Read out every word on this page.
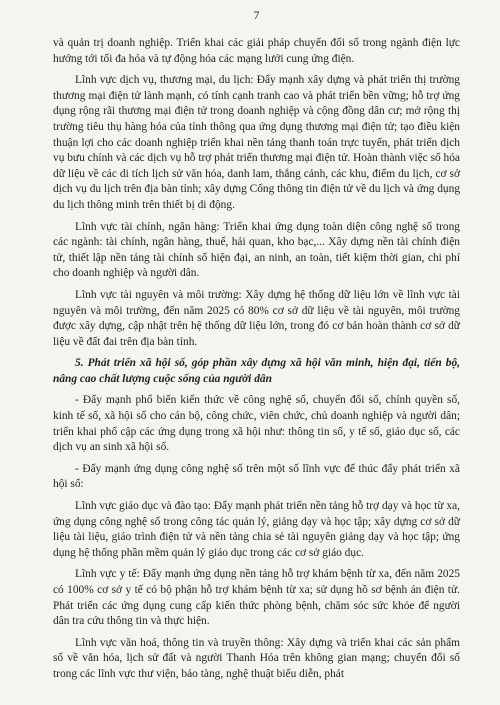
7

và quản trị doanh nghiệp. Triển khai các giải pháp chuyển đổi số trong ngành điện lực hướng tới tối đa hóa và tự động hóa các mạng lưới cung ứng điện.

Lĩnh vực dịch vụ, thương mại, du lịch: Đẩy mạnh xây dựng và phát triển thị trường thương mại điện tử lành mạnh, có tính cạnh tranh cao và phát triển bền vững; hỗ trợ ứng dụng rộng rãi thương mại điện tử trong doanh nghiệp và cộng đồng dân cư; mở rộng thị trường tiêu thụ hàng hóa của tỉnh thông qua ứng dụng thương mại điện tử; tạo điều kiện thuận lợi cho các doanh nghiệp triển khai nền tảng thanh toán trực tuyến, phát triển dịch vụ bưu chính và các dịch vụ hỗ trợ phát triển thương mại điện tử. Hoàn thành việc số hóa dữ liệu về các di tích lịch sử văn hóa, danh lam, thắng cảnh, các khu, điểm du lịch, cơ sở dịch vụ du lịch trên địa bàn tỉnh; xây dựng Cổng thông tin điện tử về du lịch và ứng dụng du lịch thông minh trên thiết bị di động.

Lĩnh vực tài chính, ngân hàng: Triển khai ứng dụng toàn diện công nghệ số trong các ngành: tài chính, ngân hàng, thuế, hải quan, kho bạc,... Xây dựng nền tài chính điện tử, thiết lập nền tảng tài chính số hiện đại, an ninh, an toàn, tiết kiệm thời gian, chi phí cho doanh nghiệp và người dân.

Lĩnh vực tài nguyên và môi trường: Xây dựng hệ thống dữ liệu lớn về lĩnh vực tài nguyên và môi trường, đến năm 2025 có 80% cơ sở dữ liệu về tài nguyên, môi trường được xây dựng, cập nhật trên hệ thống dữ liệu lớn, trong đó cơ bản hoàn thành cơ sở dữ liệu về đất đai trên địa bàn tỉnh.

5. Phát triển xã hội số, góp phần xây dựng xã hội văn minh, hiện đại, tiến bộ, nâng cao chất lượng cuộc sống của người dân

- Đẩy mạnh phổ biến kiến thức về công nghệ số, chuyển đổi số, chính quyền số, kinh tế số, xã hội số cho cán bộ, công chức, viên chức, chủ doanh nghiệp và người dân; triển khai phổ cập các ứng dụng trong xã hội như: thông tin số, y tế số, giáo dục số, các dịch vụ an sinh xã hội số.

- Đẩy mạnh ứng dụng công nghệ số trên một số lĩnh vực để thúc đẩy phát triển xã hội số:

Lĩnh vực giáo dục và đào tạo: Đẩy mạnh phát triển nền tảng hỗ trợ dạy và học từ xa, ứng dụng công nghệ số trong công tác quản lý, giảng dạy và học tập; xây dựng cơ sở dữ liệu tài liệu, giáo trình điện tử và nền tảng chia sẻ tài nguyên giảng dạy và học tập; ứng dụng hệ thống phần mềm quản lý giáo dục trong các cơ sở giáo dục.

Lĩnh vực y tế: Đẩy mạnh ứng dụng nền tảng hỗ trợ khám bệnh từ xa, đến năm 2025 có 100% cơ sở y tế có bộ phận hỗ trợ khám bệnh từ xa; sử dụng hồ sơ bệnh án điện tử. Phát triển các ứng dụng cung cấp kiến thức phòng bệnh, chăm sóc sức khỏe để người dân tra cứu thông tin và thực hiện.

Lĩnh vực văn hoá, thông tin và truyền thông: Xây dựng và triển khai các sản phẩm số về văn hóa, lịch sử đất và người Thanh Hóa trên không gian mạng; chuyển đổi số trong các lĩnh vực thư viện, bảo tàng, nghệ thuật biểu diễn, phát
